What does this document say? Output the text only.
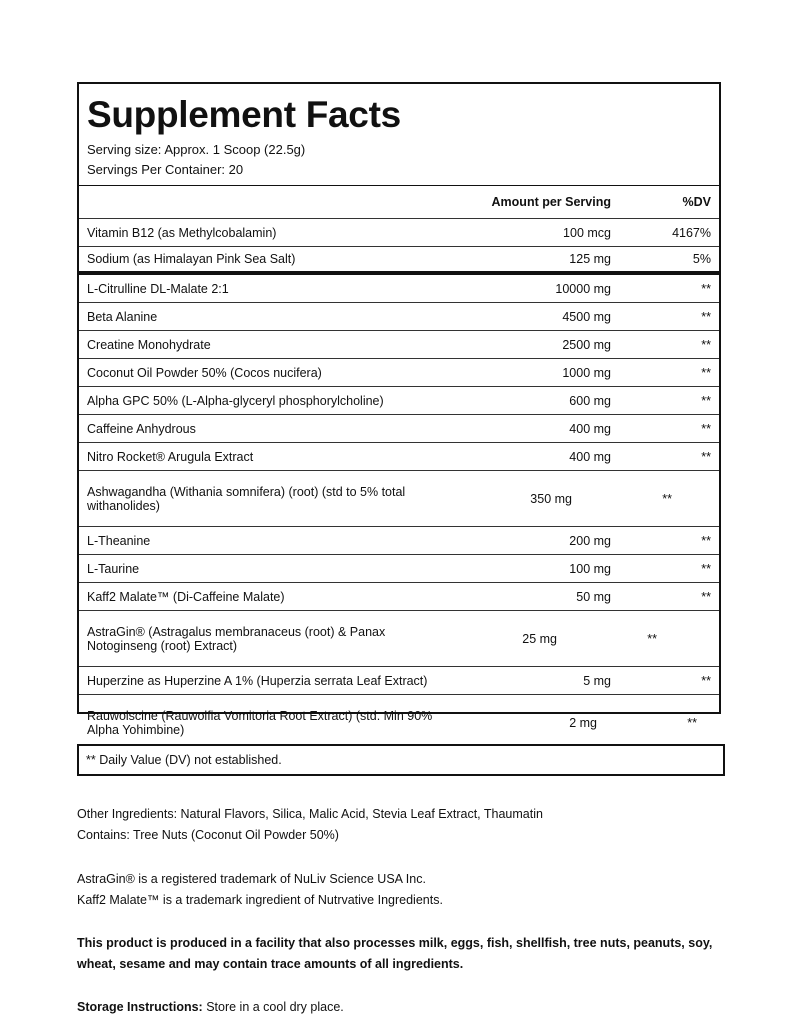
Supplement Facts
Serving size: Approx. 1 Scoop (22.5g)
Servings Per Container: 20
Amount per Serving	%DV
Vitamin B12 (as Methylcobalamin)	100 mcg	4167%
Sodium (as Himalayan Pink Sea Salt)	125 mg	5%
L-Citrulline DL-Malate 2:1	10000 mg	**
Beta Alanine	4500 mg	**
Creatine Monohydrate	2500 mg	**
Coconut Oil Powder 50% (Cocos nucifera)	1000 mg	**
Alpha GPC 50% (L-Alpha-glyceryl phosphorylcholine)	600 mg	**
Caffeine Anhydrous	400 mg	**
Nitro Rocket® Arugula Extract	400 mg	**
Ashwagandha (Withania somnifera) (root) (std to 5% total withanolides)	350 mg	**
L-Theanine	200 mg	**
L-Taurine	100 mg	**
Kaff2 Malate™ (Di-Caffeine Malate)	50 mg	**
AstraGin® (Astragalus membranaceus (root) & Panax Notoginseng (root) Extract)	25 mg	**
Huperzine as Huperzine A 1% (Huperzia serrata Leaf Extract)	5 mg	**
Rauwolscine (Rauwolfia Vomitoria Root Extract) (std. Min 90% Alpha Yohimbine)	2 mg	**
** Daily Value (DV) not established.

Other Ingredients: Natural Flavors, Silica, Malic Acid, Stevia Leaf Extract, Thaumatin

Contains: Tree Nuts (Coconut Oil Powder 50%)

AstraGin® is a registered trademark of NuLiv Science USA Inc.

Kaff2 Malate™ is a trademark ingredient of Nutrvative Ingredients.

This product is produced in a facility that also processes milk, eggs, fish, shellfish, tree nuts, peanuts, soy, wheat, sesame and may contain trace amounts of all ingredients.
Storage Instructions: Store in a cool dry place.
